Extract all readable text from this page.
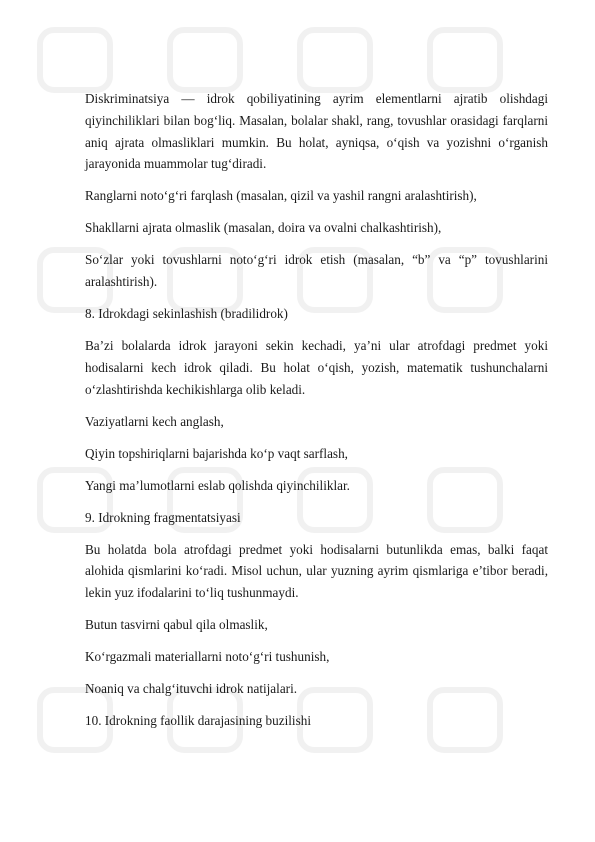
Diskriminatsiya — idrok qobiliyatining ayrim elementlarni ajratib olishdagi qiyinchiliklari bilan bog‘liq. Masalan, bolalar shakl, rang, tovushlar orasidagi farqlarni aniq ajrata olmasliklari mumkin. Bu holat, ayniqsa, o‘qish va yozishni o‘rganish jarayonida muammolar tug‘diradi.

Ranglarni noto‘g‘ri farqlash (masalan, qizil va yashil rangni aralashtirish),

Shakllarni ajrata olmaslik (masalan, doira va ovalni chalkashtirish),

So‘zlar yoki tovushlarni noto‘g‘ri idrok etish (masalan, “b” va “p” tovushlarini aralashtirish).

8. Idrokdagi sekinlashish (bradilidrok)

Ba’zi bolalarda idrok jarayoni sekin kechadi, ya’ni ular atrofdagi predmet yoki hodisalarni kech idrok qiladi. Bu holat o‘qish, yozish, matematik tushunchalarni o‘zlashtirishda kechikishlarga olib keladi.

Vaziyatlarni kech anglash,

Qiyin topshiriqlarni bajarishda ko‘p vaqt sarflash,

Yangi ma’lumotlarni eslab qolishda qiyinchiliklar.

9. Idrokning fragmentatsiyasi

Bu holatda bola atrofdagi predmet yoki hodisalarni butunlikda emas, balki faqat alohida qismlarini ko‘radi. Misol uchun, ular yuzning ayrim qismlariga e’tibor beradi, lekin yuz ifodalarini to‘liq tushunmaydi.

Butun tasvirni qabul qila olmaslik,

Ko‘rgazmali materiallarni noto‘g‘ri tushunish,

Noaniq va chalg‘ituvchi idrok natijalari.

10. Idrokning faollik darajasining buzilishi
